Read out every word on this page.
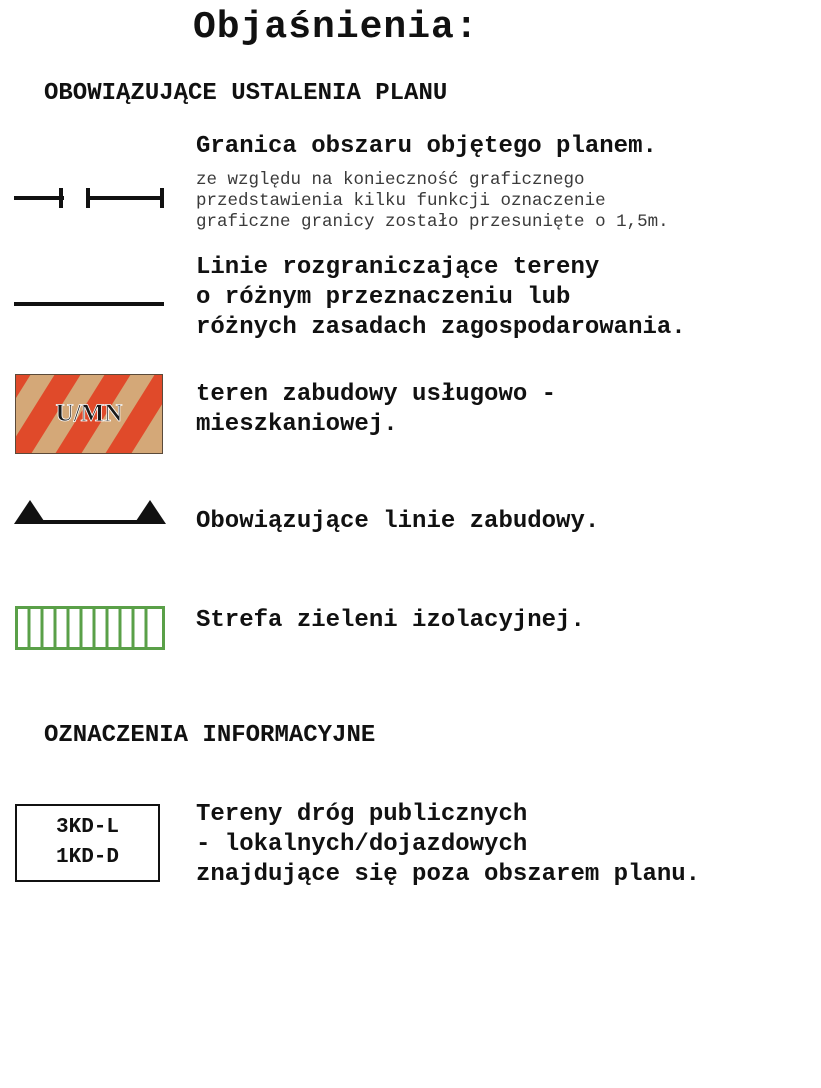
Objaśnienia:
OBOWIĄZUJĄCE USTALENIA PLANU
Granica obszaru objętego planem.
ze względu na konieczność graficznego
przedstawienia kilku funkcji oznaczenie
graficzne granicy zostało przesunięte o 1,5m.
Linie rozgraniczające tereny
o różnym przeznaczeniu lub
różnych zasadach zagospodarowania.
U/MN
teren zabudowy usługowo -
mieszkaniowej.
Obowiązujące linie zabudowy.
Strefa zieleni izolacyjnej.
OZNACZENIA INFORMACYJNE
3KD-L
1KD-D
Tereny dróg publicznych
- lokalnych/dojazdowych
znajdujące się poza obszarem planu.
